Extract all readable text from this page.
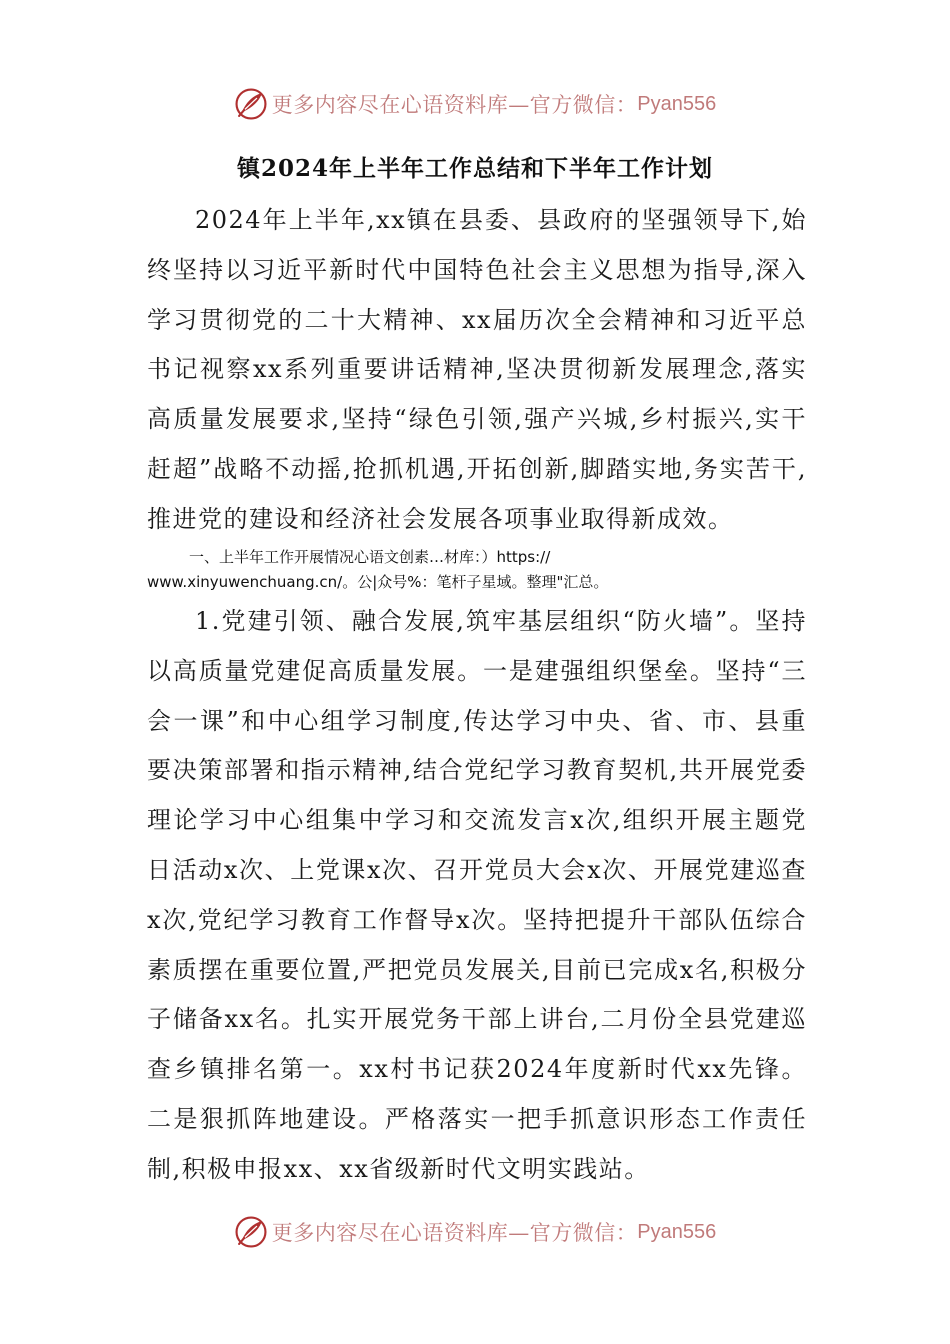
更多内容尽在心语资料库—官方微信： Pyan556
镇2024年上半年工作总结和下半年工作计划
2024年上半年,xx镇在县委、县政府的坚强领导下,始终坚持以习近平新时代中国特色社会主义思想为指导,深入学习贯彻党的二十大精神、xx届历次全会精神和习近平总书记视察xx系列重要讲话精神,坚决贯彻新发展理念,落实高质量发展要求,坚持“绿色引领,强产兴城,乡村振兴,实干赶超”战略不动摇,抢抓机遇,开拓创新,脚踏实地,务实苦干,推进党的建设和经济社会发展各项事业取得新成效。
一、上半年工作开展情况心语文创素…材库：）https://
www.xinyuwenchuang.cn/。公|众号%：笔杆子星域。整理"汇总。
1.党建引领、融合发展,筑牢基层组织“防火墙”。坚持以高质量党建促高质量发展。一是建强组织堡垒。坚持“三会一课”和中心组学习制度,传达学习中央、省、市、县重要决策部署和指示精神,结合党纪学习教育契机,共开展党委理论学习中心组集中学习和交流发言x次,组织开展主题党日活动x次、上党课x次、召开党员大会x次、开展党建巡查x次,党纪学习教育工作督导x次。坚持把提升干部队伍综合素质摆在重要位置,严把党员发展关,目前已完成x名,积极分子储备xx名。扎实开展党务干部上讲台,二月份全县党建巡查乡镇排名第一。xx村书记获2024年度新时代xx先锋。二是狠抓阵地建设。严格落实一把手抓意识形态工作责任制,积极申报xx、xx省级新时代文明实践站。
更多内容尽在心语资料库—官方微信： Pyan556
